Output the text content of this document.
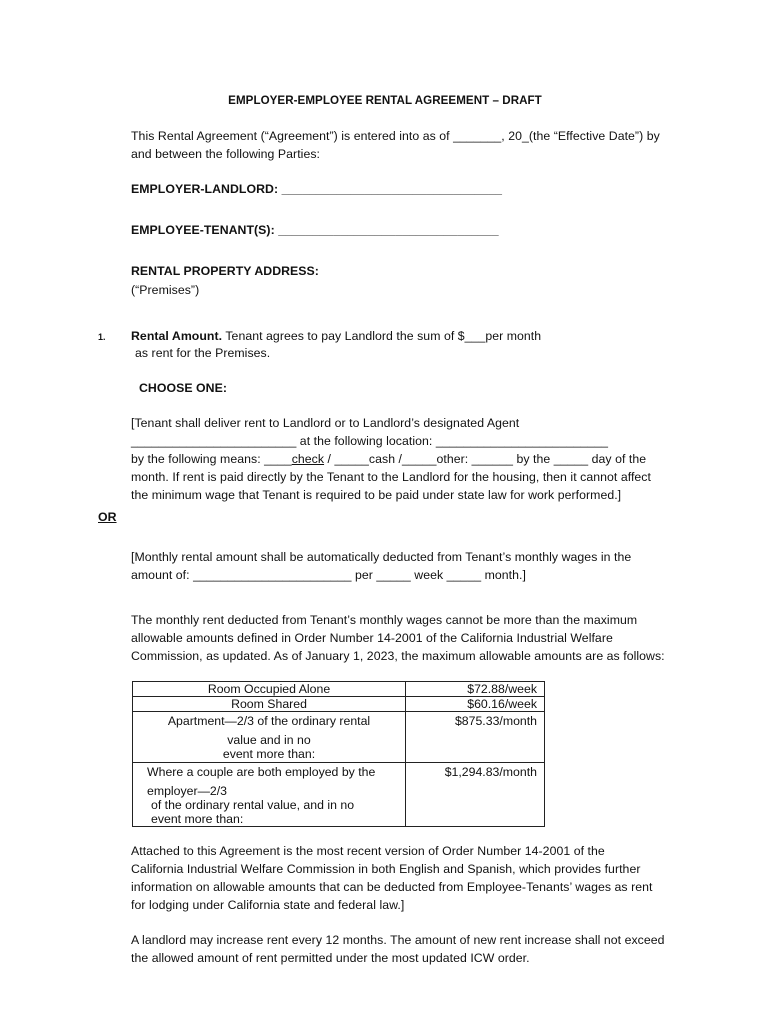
EMPLOYER-EMPLOYEE RENTAL AGREEMENT – DRAFT
This Rental Agreement (“Agreement”) is entered into as of _______, 20_(the “Effective Date”) by
and between the following Parties:
EMPLOYER-LANDLORD: ________________________________
EMPLOYEE-TENANT(S): ________________________________
RENTAL PROPERTY ADDRESS:
(“Premises”)
1. Rental Amount. Tenant agrees to pay Landlord the sum of $___per month
as rent for the Premises.
CHOOSE ONE:
[Tenant shall deliver rent to Landlord or to Landlord’s designated Agent
________________________ at the following location: _________________________
by the following means: ____check / _____cash /_____other: ______ by the _____ day of the
month. If rent is paid directly by the Tenant to the Landlord for the housing, then it cannot affect
the minimum wage that Tenant is required to be paid under state law for work performed.]
OR
[Monthly rental amount shall be automatically deducted from Tenant’s monthly wages in the
amount of: _______________________ per _____ week _____ month.]
The monthly rent deducted from Tenant’s monthly wages cannot be more than the maximum
allowable amounts defined in Order Number 14-2001 of the California Industrial Welfare
Commission, as updated. As of January 1, 2023, the maximum allowable amounts are as follows:
Room Occupied Alone	$72.88/week

Room Shared	$60.16/week

Apartment—2/3 of the ordinary rental
value and in no
event more than:	$875.33/month

Where a couple are both employed by the
employer—2/3
of the ordinary rental value, and in no
event more than:	$1,294.83/month
Attached to this Agreement is the most recent version of Order Number 14-2001 of the
California Industrial Welfare Commission in both English and Spanish, which provides further
information on allowable amounts that can be deducted from Employee-Tenants’ wages as rent
for lodging under California state and federal law.]
A landlord may increase rent every 12 months. The amount of new rent increase shall not exceed
the allowed amount of rent permitted under the most updated ICW order.
